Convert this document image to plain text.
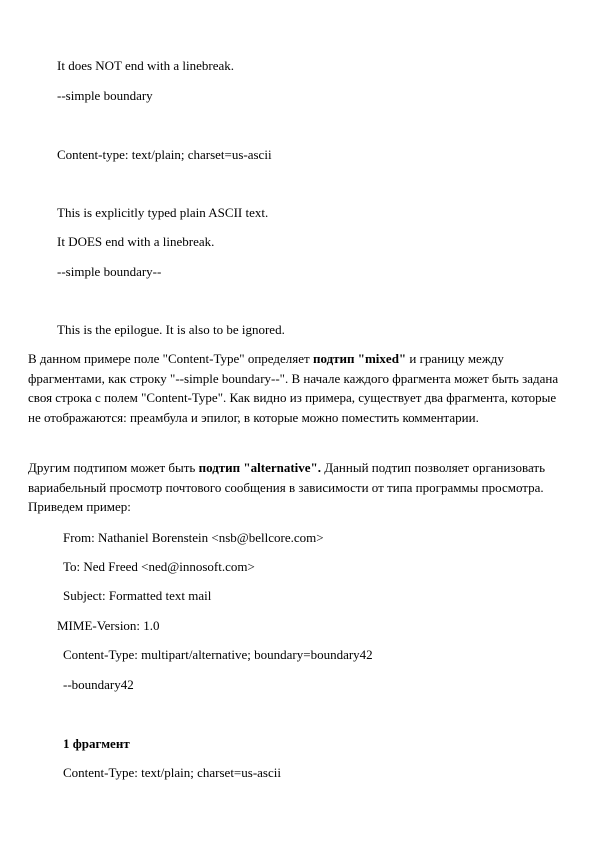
It does NOT end with a linebreak.
--simple boundary
Content-type: text/plain; charset=us-ascii
This is explicitly typed plain ASCII text.
It DOES end with a linebreak.
--simple boundary--
This is the epilogue. It is also to be ignored.
В данном примере поле "Content-Type" определяет подтип "mixed" и границу между фрагментами, как строку "--simple boundary--". В начале каждого фрагмента может быть задана своя строка с полем "Content-Type". Как видно из примера, существует два фрагмента, которые не отображаются: преамбула и эпилог, в которые можно поместить комментарии.
Другим подтипом может быть подтип "alternative". Данный подтип позволяет организовать вариабельный просмотр почтового сообщения в зависимости от типа программы просмотра. Приведем пример:
From: Nathaniel Borenstein <nsb@bellcore.com>
To: Ned Freed <ned@innosoft.com>
Subject: Formatted text mail
MIME-Version: 1.0
Content-Type: multipart/alternative; boundary=boundary42
--boundary42
1 фрагмент
Content-Type: text/plain; charset=us-ascii
